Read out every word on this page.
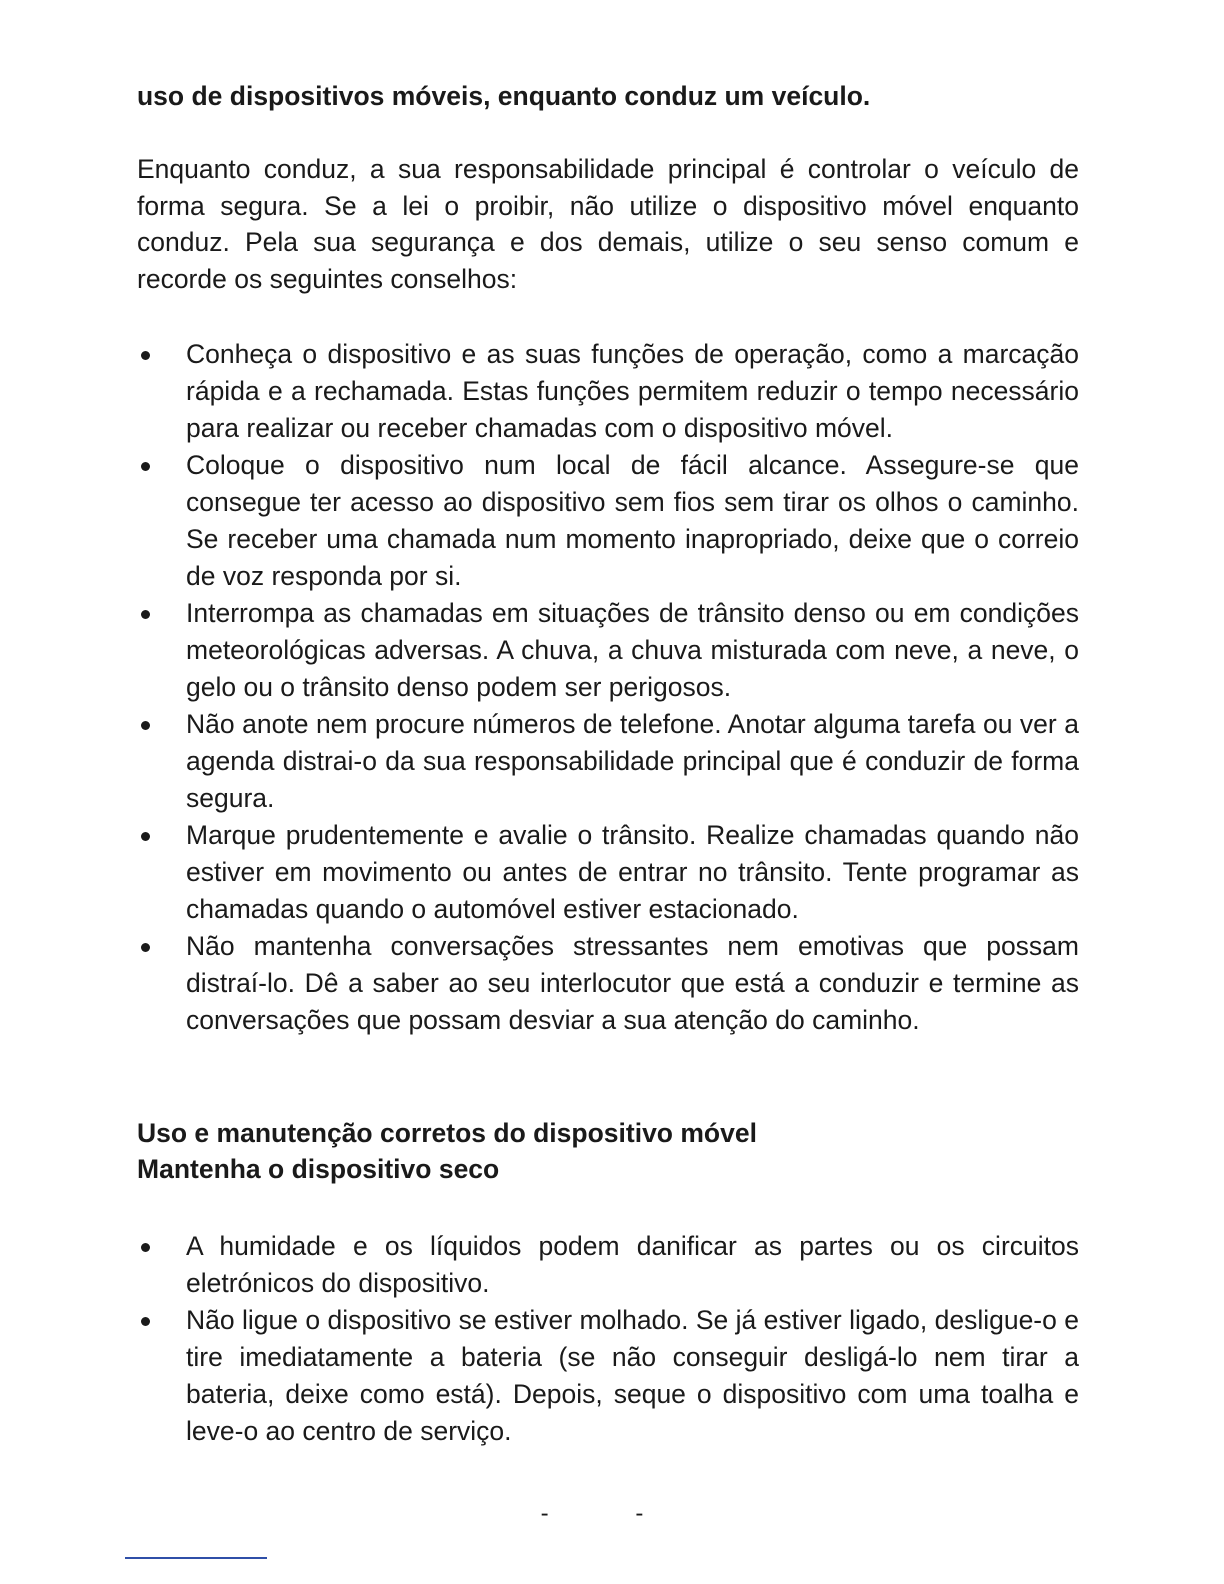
uso de dispositivos móveis, enquanto conduz um veículo.

Enquanto conduz, a sua responsabilidade principal é controlar o veículo de forma segura. Se a lei o proibir, não utilize o dispositivo móvel enquanto conduz. Pela sua segurança e dos demais, utilize o seu senso comum e recorde os seguintes conselhos:

Conheça o dispositivo e as suas funções de operação, como a marcação rápida e a rechamada. Estas funções permitem reduzir o tempo necessário para realizar ou receber chamadas com o dispositivo móvel.
Coloque o dispositivo num local de fácil alcance. Assegure-se que consegue ter acesso ao dispositivo sem fios sem tirar os olhos o caminho. Se receber uma chamada num momento inapropriado, deixe que o correio de voz responda por si.
Interrompa as chamadas em situações de trânsito denso ou em condições meteorológicas adversas. A chuva, a chuva misturada com neve, a neve, o gelo ou o trânsito denso podem ser perigosos.
Não anote nem procure números de telefone. Anotar alguma tarefa ou ver a agenda distrai-o da sua responsabilidade principal que é conduzir de forma segura.
Marque prudentemente e avalie o trânsito. Realize chamadas quando não estiver em movimento ou antes de entrar no trânsito. Tente programar as chamadas quando o automóvel estiver estacionado.
Não mantenha conversações stressantes nem emotivas que possam distraí-lo. Dê a saber ao seu interlocutor que está a conduzir e termine as conversações que possam desviar a sua atenção do caminho.

Uso e manutenção corretos do dispositivo móvel

Mantenha o dispositivo seco

A humidade e os líquidos podem danificar as partes ou os circuitos eletrónicos do dispositivo.
Não ligue o dispositivo se estiver molhado. Se já estiver ligado, desligue-o e tire imediatamente a bateria (se não conseguir desligá-lo nem tirar a bateria, deixe como está). Depois, seque o dispositivo com uma toalha e leve-o ao centro de serviço.
- -
